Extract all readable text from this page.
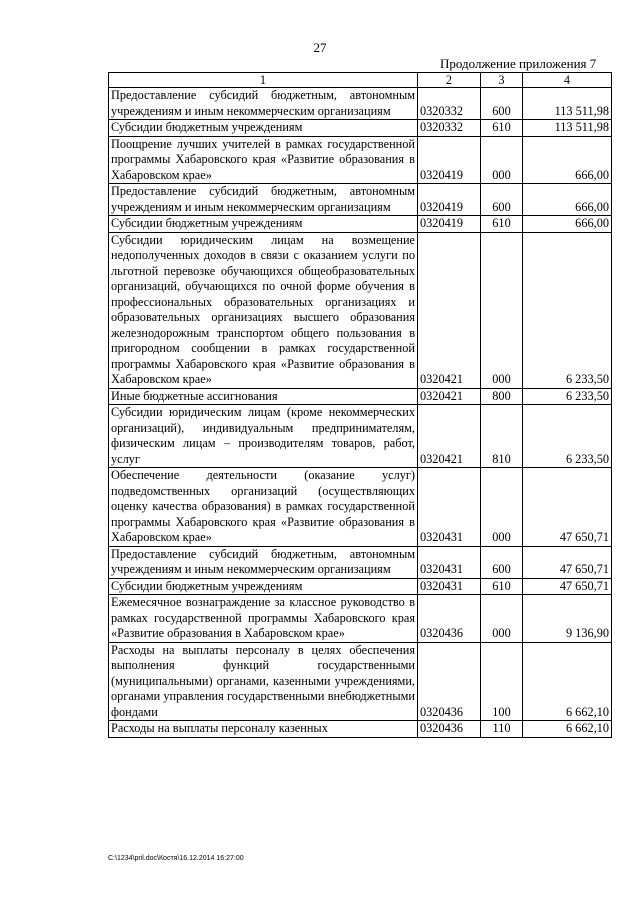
27
Продолжение приложения 7
1	2	3	4
Предоставление субсидий бюджетным, автономным учреждениям и иным некоммерческим организациям	0320332	600	113 511,98
Субсидии бюджетным учреждениям	0320332	610	113 511,98
Поощрение лучших учителей в рамках государственной программы Хабаровского края «Развитие образования в Хабаровском крае»	0320419	000	666,00
Предоставление субсидий бюджетным, автономным учреждениям и иным некоммерческим организациям	0320419	600	666,00
Субсидии бюджетным учреждениям	0320419	610	666,00
Субсидии юридическим лицам на возмещение недополученных доходов в связи с оказанием услуги по льготной перевозке обучающихся общеобразовательных организаций, обучающихся по очной форме обучения в профессиональных образовательных организациях и образовательных организациях высшего образования железнодорожным транспортом общего пользования в пригородном сообщении в рамках государственной программы Хабаровского края «Развитие образования в Хабаровском крае»	0320421	000	6 233,50
Иные бюджетные ассигнования	0320421	800	6 233,50
Субсидии юридическим лицам (кроме некоммерческих организаций), индивидуальным предпринимателям, физическим лицам – производителям товаров, работ, услуг	0320421	810	6 233,50
Обеспечение деятельности (оказание услуг) подведомственных организаций (осуществляющих оценку качества образования) в рамках государственной программы Хабаровского края «Развитие образования в Хабаровском крае»	0320431	000	47 650,71
Предоставление субсидий бюджетным, автономным учреждениям и иным некоммерческим организациям	0320431	600	47 650,71
Субсидии бюджетным учреждениям	0320431	610	47 650,71
Ежемесячное вознаграждение за классное руководство в рамках государственной программы Хабаровского края «Развитие образования в Хабаровском крае»	0320436	000	9 136,90
Расходы на выплаты персоналу в целях обеспечения выполнения функций государственными (муниципальными) органами, казенными учреждениями, органами управления государственными внебюджетными фондами	0320436	100	6 662,10
Расходы на выплаты персоналу казенных	0320436	110	6 662,10
C:\1234\pril.doc\Костя\16.12.2014 16:27:00
